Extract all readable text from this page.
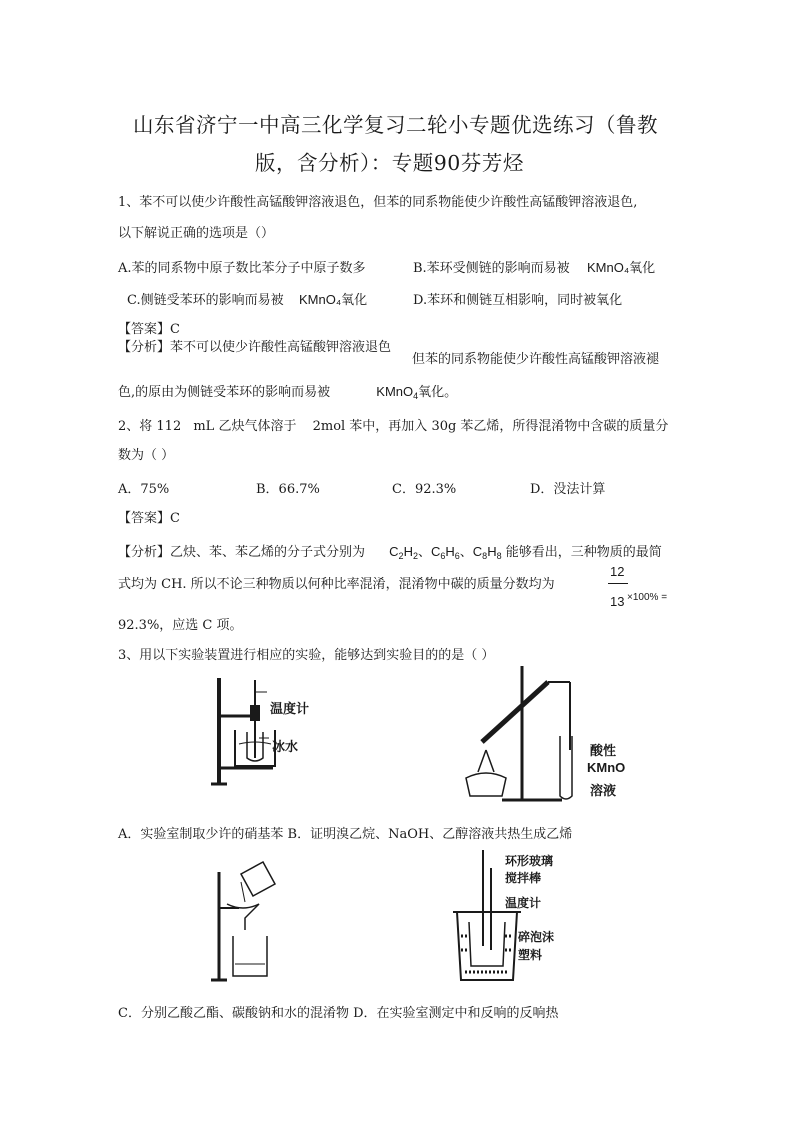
山东省济宁一中高三化学复习二轮小专题优选练习（鲁教
版，含分析）：专题90芬芳烃
1、苯不可以使少许酸性高锰酸钾溶液退色，但苯的同系物能使少许酸性高锰酸钾溶液退色,
以下解说正确的选项是（）
A.苯的同系物中原子数比苯分子中原子数多	B.苯环受侧链的影响而易被 KMnO₄氧化
C.侧链受苯环的影响而易被 KMnO₄氧化	D.苯环和侧链互相影响，同时被氧化
【答案】C
【分析】苯不可以使少许酸性高锰酸钾溶液退色
但苯的同系物能使少许酸性高锰酸钾溶液褪
色,的原由为侧链受苯环的影响而易被	KMnO$_4$氧化。
2、将 112 mL 乙炔气体溶于 2mol 苯中，再加入 30g 苯乙烯，所得混淆物中含碳的质量分
数为（ ）
A．75%	B．66.7%	C．92.3%	D．没法计算
【答案】C
【分析】乙炔、苯、苯乙烯的分子式分别为 $C_2H_2$、$C_6H_6$、$C_8H_8$ 能够看出，三种物质的最简
式均为 CH. 所以不论三种物质以何种比率混淆，混淆物中碳的质量分数均为
12
13 ×100% =
92.3%，应选 C 项。
3、用以下实验装置进行相应的实验，能够达到实验目的的是（ ）
温度计
冰水	酸性
KMnO
溶液
A．实验室制取少许的硝基苯 B．证明溴乙烷、NaOH、乙醇溶液共热生成乙烯
环形玻璃
搅拌棒
温度计
碎泡沫
塑料
C．分别乙酸乙酯、碳酸钠和水的混淆物 D．在实验室测定中和反响的反响热
